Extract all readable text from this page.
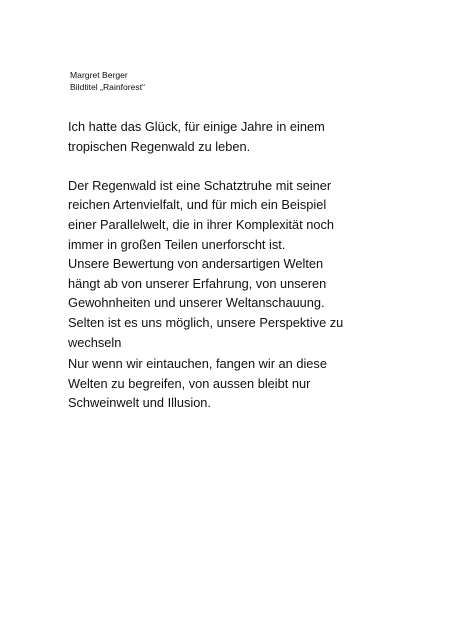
Margret Berger
Bildtitel „Rainforest“

Ich hatte das Glück, für einige Jahre in einem

tropischen Regenwald zu leben.

Der Regenwald ist eine Schatztruhe mit seiner

reichen Artenvielfalt, und für mich ein Beispiel

einer Parallelwelt, die in ihrer Komplexität noch

immer in großen Teilen unerforscht ist.

Unsere Bewertung von andersartigen Welten

hängt ab von unserer Erfahrung, von unseren

Gewohnheiten und unserer Weltanschauung.

Selten ist es uns möglich, unsere Perspektive zu

wechseln.

Nur wenn wir eintauchen, fangen wir an diese

Welten zu begreifen, von aussen bleibt nur

Schweinwelt und Illusion.
